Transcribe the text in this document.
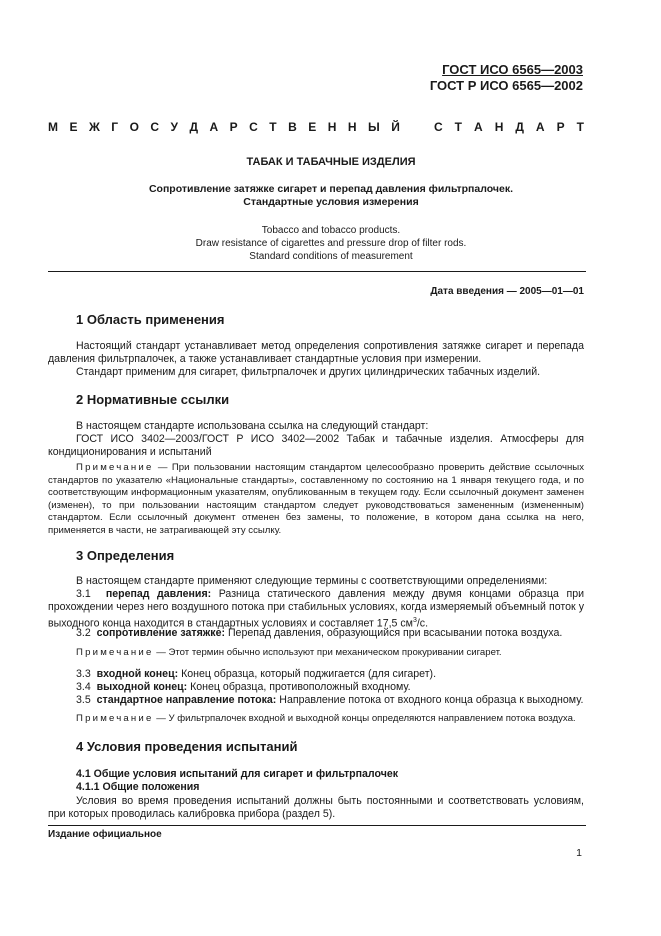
ГОСТ ИСО 6565—2003
ГОСТ Р ИСО 6565—2002
М Е Ж Г О С У Д А Р С Т В Е Н Н Ы Й	С Т А Н Д А Р Т
ТАБАК И ТАБАЧНЫЕ ИЗДЕЛИЯ
Сопротивление затяжке сигарет и перепад давления фильтрпалочек.
Стандартные условия измерения
Tobacco and tobacco products.
Draw resistance of cigarettes and pressure drop of filter rods.
Standard conditions of measurement
Дата введения — 2005—01—01
1 Область применения
Настоящий стандарт устанавливает метод определения сопротивления затяжке сигарет и перепада давления фильтрпалочек, а также устанавливает стандартные условия при измерении.
Стандарт применим для сигарет, фильтрпалочек и других цилиндрических табачных изделий.
2 Нормативные ссылки
В настоящем стандарте использована ссылка на следующий стандарт:
ГОСТ ИСО 3402—2003/ГОСТ Р ИСО 3402—2002 Табак и табачные изделия. Атмосферы для кондиционирования и испытаний
Примечание — При пользовании настоящим стандартом целесообразно проверить действие ссылочных стандартов по указателю «Национальные стандарты», составленному по состоянию на 1 января текущего года, и по соответствующим информационным указателям, опубликованным в текущем году. Если ссылочный документ заменен (изменен), то при пользовании настоящим стандартом следует руководствоваться замененным (измененным) стандартом. Если ссылочный документ отменен без замены, то положение, в котором дана ссылка на него, применяется в части, не затрагивающей эту ссылку.
3 Определения
В настоящем стандарте применяют следующие термины с соответствующими определениями:
3.1 перепад давления: Разница статического давления между двумя концами образца при прохождении через него воздушного потока при стабильных условиях, когда измеряемый объемный поток у выходного конца находится в стандартных условиях и составляет 17,5 $см^3/с$.
3.2 сопротивление затяжке: Перепад давления, образующийся при всасывании потока воздуха.
Примечание — Этот термин обычно используют при механическом прокуривании сигарет.
3.3 входной конец: Конец образца, который поджигается (для сигарет).
3.4 выходной конец: Конец образца, противоположный входному.
3.5 стандартное направление потока: Направление потока от входного конца образца к выходному.
Примечание — У фильтрпалочек входной и выходной концы определяются направлением потока воздуха.
4 Условия проведения испытаний
4.1 Общие условия испытаний для сигарет и фильтрпалочек
4.1.1 Общие положения
Условия во время проведения испытаний должны быть постоянными и соответствовать условиям, при которых проводилась калибровка прибора (раздел 5).
Издание официальное
1
